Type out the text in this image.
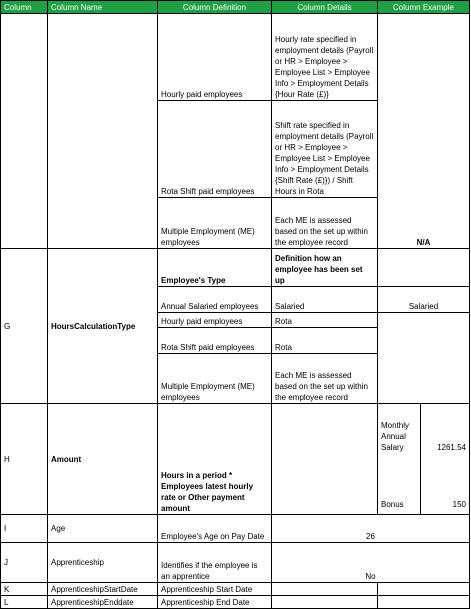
Column	Column Name	Column Definition	Column Details	Column Example
		Hourly paid employees	Hourly rate specified in employment details (Payroll or HR > Employee > Employee List > Employee Info > Employment Details {Hour Rate (£)}	N/A
		Rota Shift paid employees	Shift rate specified in employment details (Payroll or HR > Employee > Employee List > Employee Info > Employment Details {Shift Rate (£)}) / Shift Hours in Rota	
		Multiple Employment (ME) employees	Each ME is assessed based on the set up within the employee record	
G	HoursCalculationType	Employee's Type	Definition how an employee has been set up	
		Annual Salaried employees	Salaried	Salaried
		Hourly paid employees	Rota	
		Rota Shift paid employees	Rota	
		Multiple Employment (ME) employees	Each ME is assessed based on the set up within the employee record	
H	Amount	Hours in a period * Employees latest hourly rate or Other payment amount		Monthly Annual Salary 1261.54
Bonus 150

I	Age	Employee's Age on Pay Date	26	
J	Apprenticeship	Identifies if the employee is an apprentice	No	
K	ApprenticeshipStartDate	Apprenticeship Start Date		
L	ApprenticeshipEnddate	Apprenticeship End Date		
